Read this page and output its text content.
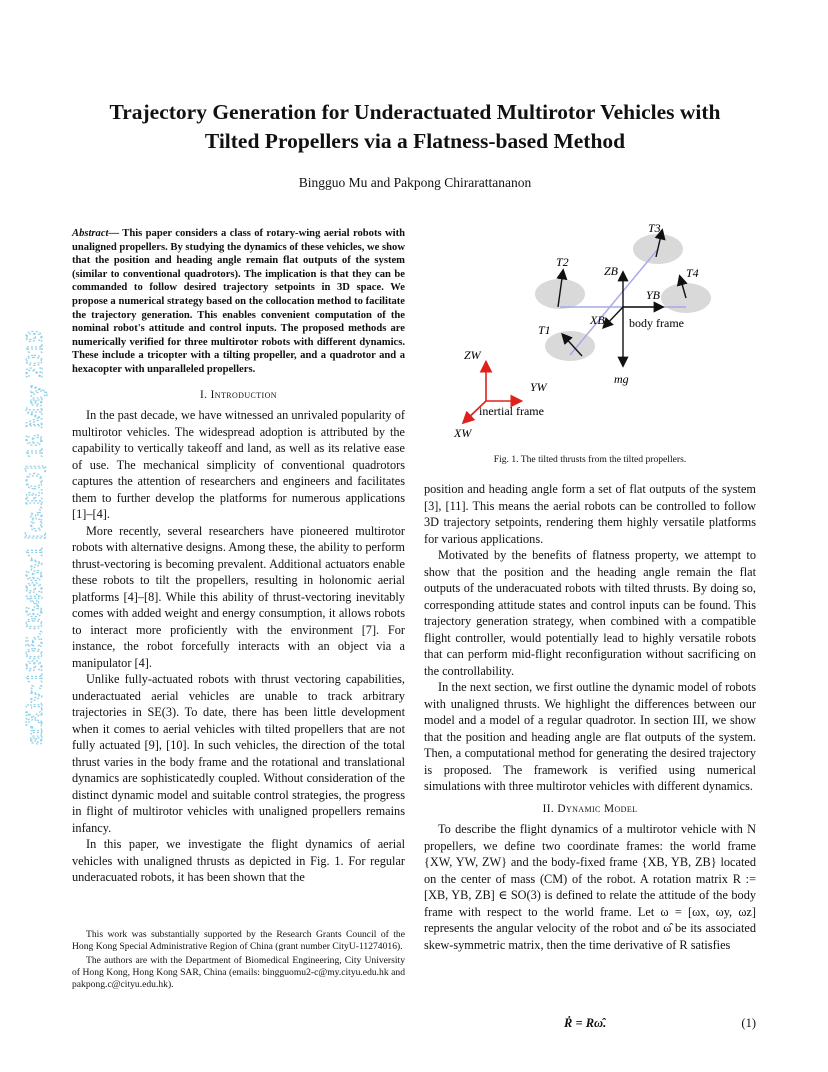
arXiv:1905.06496v1 [cs.RO] 16 May 2019
Trajectory Generation for Underactuated Multirotor Vehicles with
Tilted Propellers via a Flatness-based Method
Bingguo Mu and Pakpong Chirarattananon

Abstract— This paper considers a class of rotary-wing aerial robots with unaligned propellers. By studying the dynamics of these vehicles, we show that the position and heading angle remain flat outputs of the system (similar to conventional quadrotors). The implication is that they can be commanded to follow desired trajectory setpoints in 3D space. We propose a numerical strategy based on the collocation method to facilitate the trajectory generation. This enables convenient computation of the nominal robot's attitude and control inputs. The proposed methods are numerically verified for three multirotor robots with different dynamics. These include a tricopter with a tilting propeller, and a quadrotor and a hexacopter with unparalleled propellers.

I. Introduction

In the past decade, we have witnessed an unrivaled popularity of multirotor vehicles. The widespread adoption is attributed by the capability to vertically takeoff and land, as well as its relative ease of use. The mechanical simplicity of conventional quadrotors captures the attention of researchers and engineers and facilitates them to further develop the platforms for numerous applications [1]–[4].

More recently, several researchers have pioneered multirotor robots with alternative designs. Among these, the ability to perform thrust-vectoring is becoming prevalent. Additional actuators enable these robots to tilt the propellers, resulting in holonomic aerial platforms [4]–[8]. While this ability of thrust-vectoring inevitably comes with added weight and energy consumption, it allows robots to interact more proficiently with the environment [7]. For instance, the robot forcefully interacts with an object via a manipulator [4].

Unlike fully-actuated robots with thrust vectoring capabilities, underactuated aerial vehicles are unable to track arbitrary trajectories in SE(3). To date, there has been little development when it comes to aerial vehicles with tilted propellers that are not fully actuated [9], [10]. In such vehicles, the direction of the total thrust varies in the body frame and the rotational and translational dynamics are sophisticatedly coupled. Without consideration of the distinct dynamic model and suitable control strategies, the progress in flight of multirotor vehicles with unaligned propellers remains infancy.

In this paper, we investigate the flight dynamics of aerial vehicles with unaligned thrusts as depicted in Fig. 1. For regular underacuated robots, it has been shown that the

This work was substantially supported by the Research Grants Council of the Hong Kong Special Administrative Region of China (grant number CityU-11274016).

The authors are with the Department of Biomedical Engineering, City University of Hong Kong, Hong Kong SAR, China (emails: bingguomu2-c@my.cityu.edu.hk and pakpong.c@cityu.edu.hk).

T3
T2
ZB	T4
YB
XB body frame
T1
mg
ZW
YW
inertial frame
XW
Fig. 1. The tilted thrusts from the tilted propellers.

position and heading angle form a set of flat outputs of the system [3], [11]. This means the aerial robots can be controlled to follow 3D trajectory setpoints, rendering them highly versatile platforms for various applications.

Motivated by the benefits of flatness property, we attempt to show that the position and the heading angle remain the flat outputs of the underacuated robots with tilted thrusts. By doing so, corresponding attitude states and control inputs can be found. This trajectory generation strategy, when combined with a compatible flight controller, would potentially lead to highly versatile robots that can perform mid-flight reconfiguration without sacrificing on the controllability.

In the next section, we first outline the dynamic model of robots with unaligned thrusts. We highlight the differences between our model and a model of a regular quadrotor. In section III, we show that the position and heading angle are flat outputs of the system. Then, a computational method for generating the desired trajectory is proposed. The framework is verified using numerical simulations with three multirotor vehicles with different dynamics.

II. Dynamic Model

To describe the flight dynamics of a multirotor vehicle with N propellers, we define two coordinate frames: the world frame {XW, YW, ZW} and the body-fixed frame {XB, YB, ZB} located on the center of mass (CM) of the robot. A rotation matrix R := [XB, YB, ZB] ∈ SO(3) is defined to relate the attitude of the body frame with respect to the world frame. Let ω = [ωx, ωy, ωz] represents the angular velocity of the robot and ω̂ be its associated skew-symmetric matrix, then the time derivative of R satisfies

Ṙ = Rω̂.	(1)
